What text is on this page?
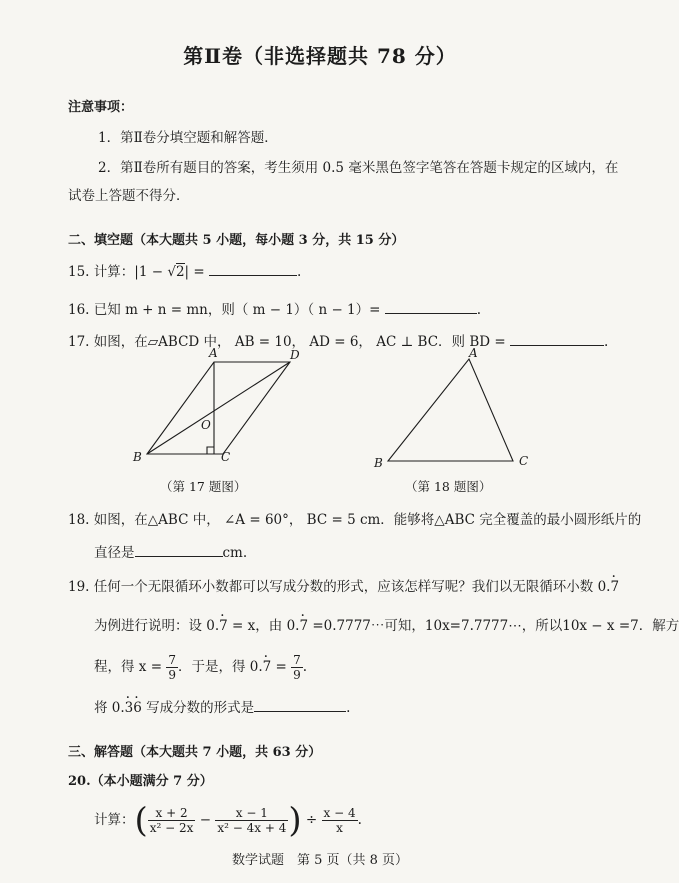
第Ⅱ卷（非选择题共 78 分）
注意事项：
1．第Ⅱ卷分填空题和解答题．
2．第Ⅱ卷所有题目的答案，考生须用 0.5 毫米黑色签字笔答在答题卡规定的区域内，在
试卷上答题不得分．
二、填空题（本大题共 5 小题，每小题 3 分，共 15 分）
15. 计算：|1 − √2| =	.
16. 已知 m + n = mn，则（ m − 1）（ n − 1）=	.
17. 如图，在▱ABCD 中， AB = 10， AD = 6， AC ⊥ BC．则 BD =	.
A	D
B	C
O
（第 17 题图）
A
B	C
（第 18 题图）
18. 如图，在△ABC 中， ∠A = 60°， BC = 5 cm．能够将△ABC 完全覆盖的最小圆形纸片的
直径是	cm.
19. 任何一个无限循环小数都可以写成分数的形式，应该怎样写呢？我们以无限循环小数 0.7 ·
为例进行说明：设 0.7 · = x，由 0.7 · =0.7777⋯可知，10x=7.7777⋯，所以10x − x =7．解方
程，得 $x = \frac{7}{9}$ ．于是，得 0.7 · = $\frac{7}{9}$ .
将 0.3 ·6 · 写成分数的形式是	.
三、解答题（本大题共 7 小题，共 63 分）
20.（本小题满分 7 分）
计算：( $\frac{x + 2}{\text{x² − 2x}} - \frac{x - 1}{\text{x² − 4x + 4}}$ ) ÷ $\frac{x - 4}{x}$ .
数学试题　第 5 页（共 8 页）
